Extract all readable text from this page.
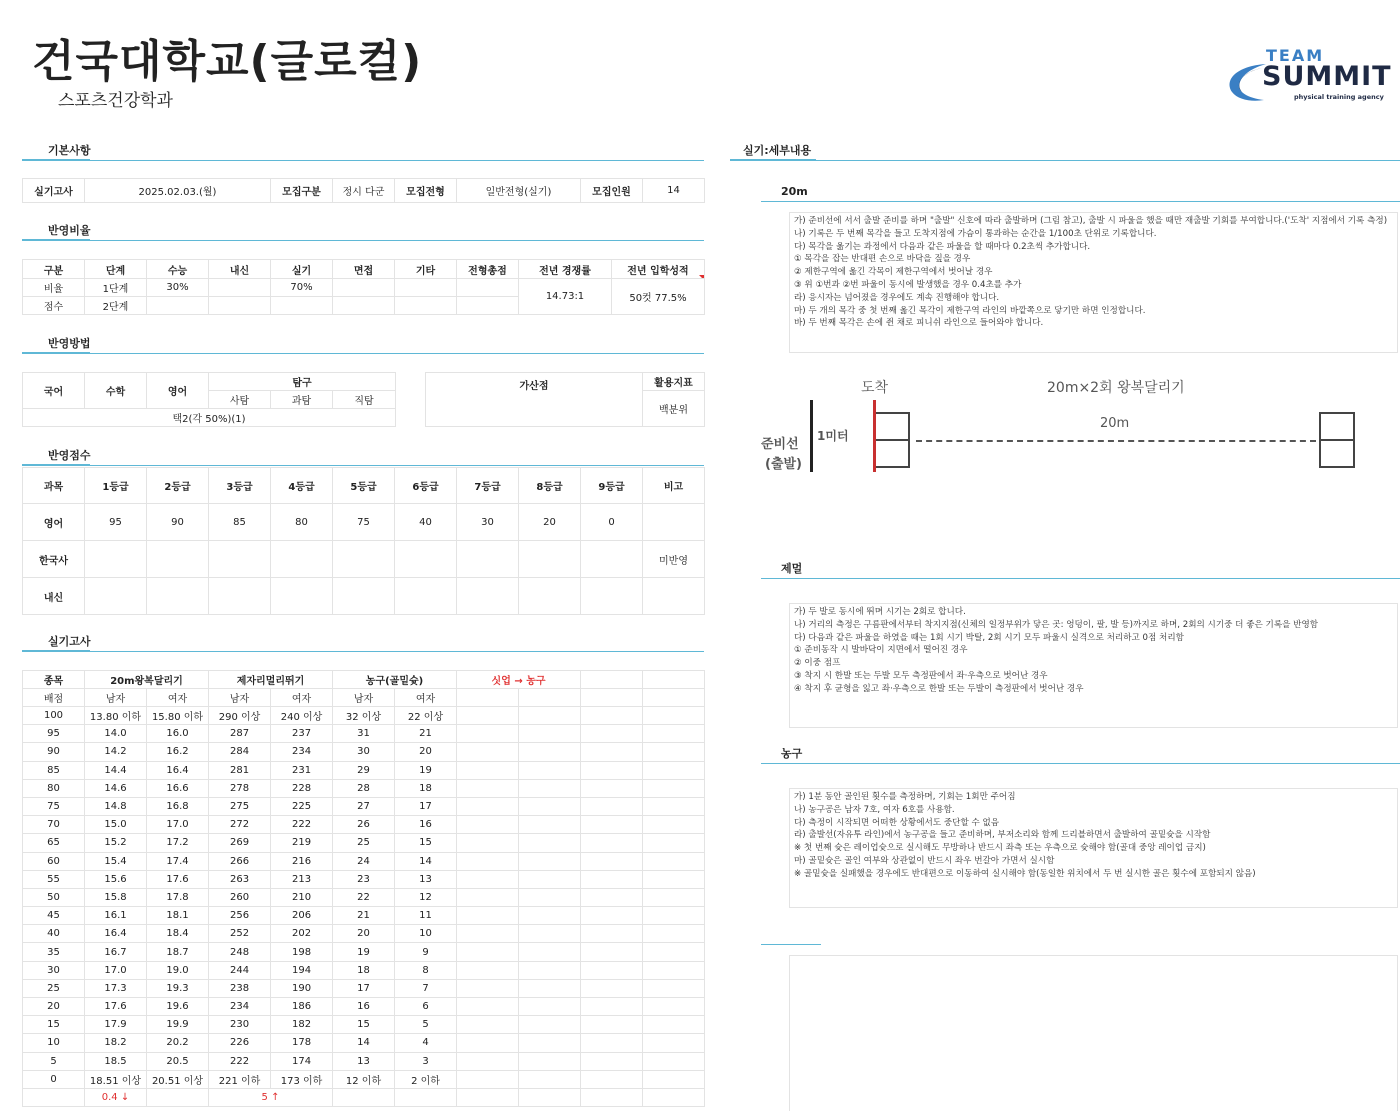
건국대학교(글로컬)
스포츠건강학과
TEAM
SUMMIT
physical training agency
기본사항
실기고사	2025.02.03.(월)	모집구분	정시 다군	모집전형	일반전형(실기)	모집인원	14
반영비율
구분	단계	수능	내신	실기	면접	기타	전형총점	전년 경쟁률	전년 입학성적

비율	1단계	30%		70%				14.73:1	50컷 77.5%
점수	2단계								
반영방법
국어	수학	영어	탐구		
			사탐	과탐	직탐
택2(각 50%)(1)					
가산점	활용지표
백분위
반영점수
과목	1등급	2등급	3등급	4등급	5등급	6등급	7등급	8등급	9등급	비고
영어	95	90	85	80	75	40	30	20	0	
한국사										미반영
내신										
실기고사
종목	20m왕복달리기		제자리멀리뛰기		농구(골밑슛)		싯업 → 농구			
배점	남자	여자	남자	여자	남자	여자				
100	13.80 이하	15.80 이하	290 이상	240 이상	32 이상	22 이상				
95	14.0	16.0	287	237	31	21				
90	14.2	16.2	284	234	30	20				
85	14.4	16.4	281	231	29	19				
80	14.6	16.6	278	228	28	18				
75	14.8	16.8	275	225	27	17				
70	15.0	17.0	272	222	26	16				
65	15.2	17.2	269	219	25	15				
60	15.4	17.4	266	216	24	14				
55	15.6	17.6	263	213	23	13				
50	15.8	17.8	260	210	22	12				
45	16.1	18.1	256	206	21	11				
40	16.4	18.4	252	202	20	10				
35	16.7	18.7	248	198	19	9				
30	17.0	19.0	244	194	18	8				
25	17.3	19.3	238	190	17	7				
20	17.6	19.6	234	186	16	6				
15	17.9	19.9	230	182	15	5				
10	18.2	20.2	226	178	14	4				
5	18.5	20.5	222	174	13	3				
0	18.51 이상	20.51 이상	221 이하	173 이하	12 이하	2 이하				
	0.4 ↓		5 ↑							
실기:세부내용
20m
가) 준비선에 서서 출발 준비를 하며 "출발" 신호에 따라 출발하며 (그림 참고), 출발 시 파울을 했을 때만 재출발 기회를 부여합니다.('도착' 지점에서 기록 측정)
나) 기록은 두 번째 목각을 들고 도착지점에 가슴이 통과하는 순간을 1/100초 단위로 기록합니다.
다) 목각을 옮기는 과정에서 다음과 같은 파울을 할 때마다 0.2초씩 추가합니다.
① 목각을 잡는 반대편 손으로 바닥을 짚을 경우
② 제한구역에 옮긴 각목이 제한구역에서 벗어날 경우
③ 위 ①번과 ②번 파울이 동시에 발생했을 경우 0.4초를 추가
라) 응시자는 넘어졌을 경우에도 계속 진행해야 합니다.
마) 두 개의 목각 중 첫 번째 옮긴 목각이 제한구역 라인의 바깥쪽으로 닿기만 하면 인정합니다.
바) 두 번째 목각은 손에 쥔 채로 피니쉬 라인으로 들어와야 합니다.
도착	20m×2회 왕복달리기
준비선
(출발)
1미터
20m
제멀
가) 두 발로 동시에 뛰며 시기는 2회로 합니다.
나) 거리의 측정은 구름판에서부터 착지지점(신체의 일정부위가 닿은 곳: 엉덩이, 팔, 발 등)까지로 하며, 2회의 시기중 더 좋은 기록을 반영함
다) 다음과 같은 파울을 하였을 때는 1회 시기 박탈, 2회 시기 모두 파울시 실격으로 처리하고 0점 처리함
① 준비동작 시 발바닥이 지면에서 떨어진 경우
② 이중 점프
③ 착지 시 한발 또는 두발 모두 측정판에서 좌·우측으로 벗어난 경우
④ 착지 후 균형을 잃고 좌·우측으로 한발 또는 두발이 측정판에서 벗어난 경우
농구
가) 1분 동안 골인된 횟수를 측정하며, 기회는 1회만 주어짐
나) 농구공은 남자 7호, 여자 6호를 사용함.
다) 측정이 시작되면 어떠한 상황에서도 중단할 수 없음
라) 출발선(자유투 라인)에서 농구공을 들고 준비하며, 부저소리와 함께 드리블하면서 출발하여 골밑슛을 시작함
※ 첫 번째 슛은 레이업슛으로 실시해도 무방하나 반드시 좌측 또는 우측으로 슛해야 함(골대 중앙 레이업 금지)
마) 골밑슛은 골인 여부와 상관없이 반드시 좌우 번갈아 가면서 실시함
※ 골밑슛을 실패했을 경우에도 반대편으로 이동하여 실시해야 함(동일한 위치에서 두 번 실시한 골은 횟수에 포함되지 않음)
